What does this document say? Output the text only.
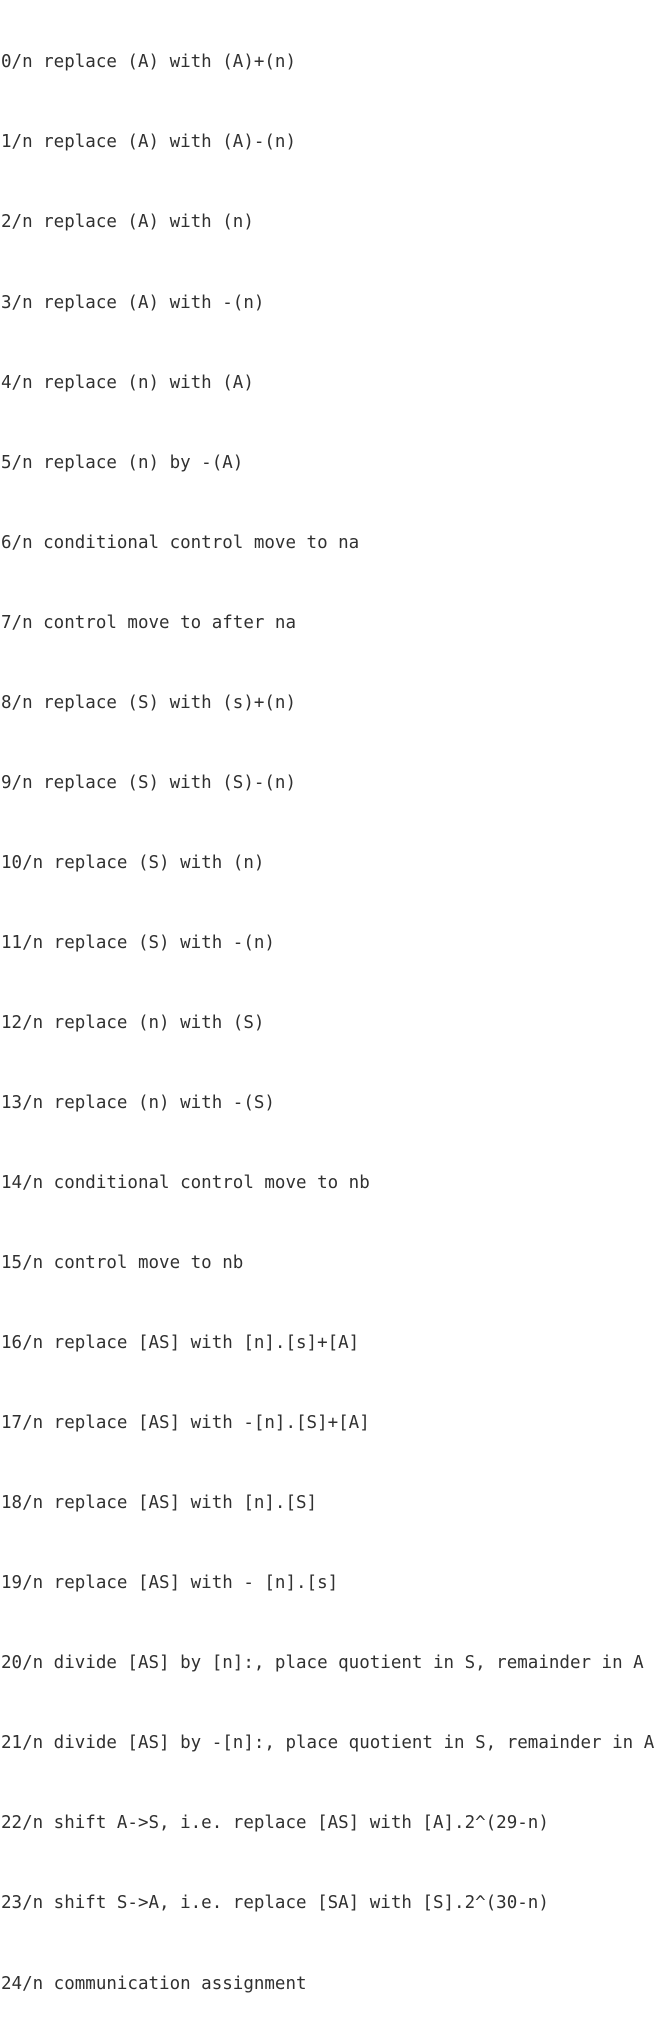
0/n replace (A) with (A)+(n)

1/n replace (A) with (A)-(n)

2/n replace (A) with (n)

3/n replace (A) with -(n)

4/n replace (n) with (A)

5/n replace (n) by -(A)

6/n conditional control move to na

7/n control move to after na

8/n replace (S) with (s)+(n)

9/n replace (S) with (S)-(n)

10/n replace (S) with (n)

11/n replace (S) with -(n)

12/n replace (n) with (S)

13/n replace (n) with -(S)

14/n conditional control move to nb

15/n control move to nb

16/n replace [AS] with [n].[s]+[A]

17/n replace [AS] with -[n].[S]+[A]

18/n replace [AS] with [n].[S]

19/n replace [AS] with - [n].[s]

20/n divide [AS] by [n]:, place quotient in S, remainder in A

21/n divide [AS] by -[n]:, place quotient in S, remainder in A

22/n shift A->S, i.e. replace [AS] with [A].2^(29-n)

23/n shift S->A, i.e. replace [SA] with [S].2^(30-n)

24/n communication assignment
